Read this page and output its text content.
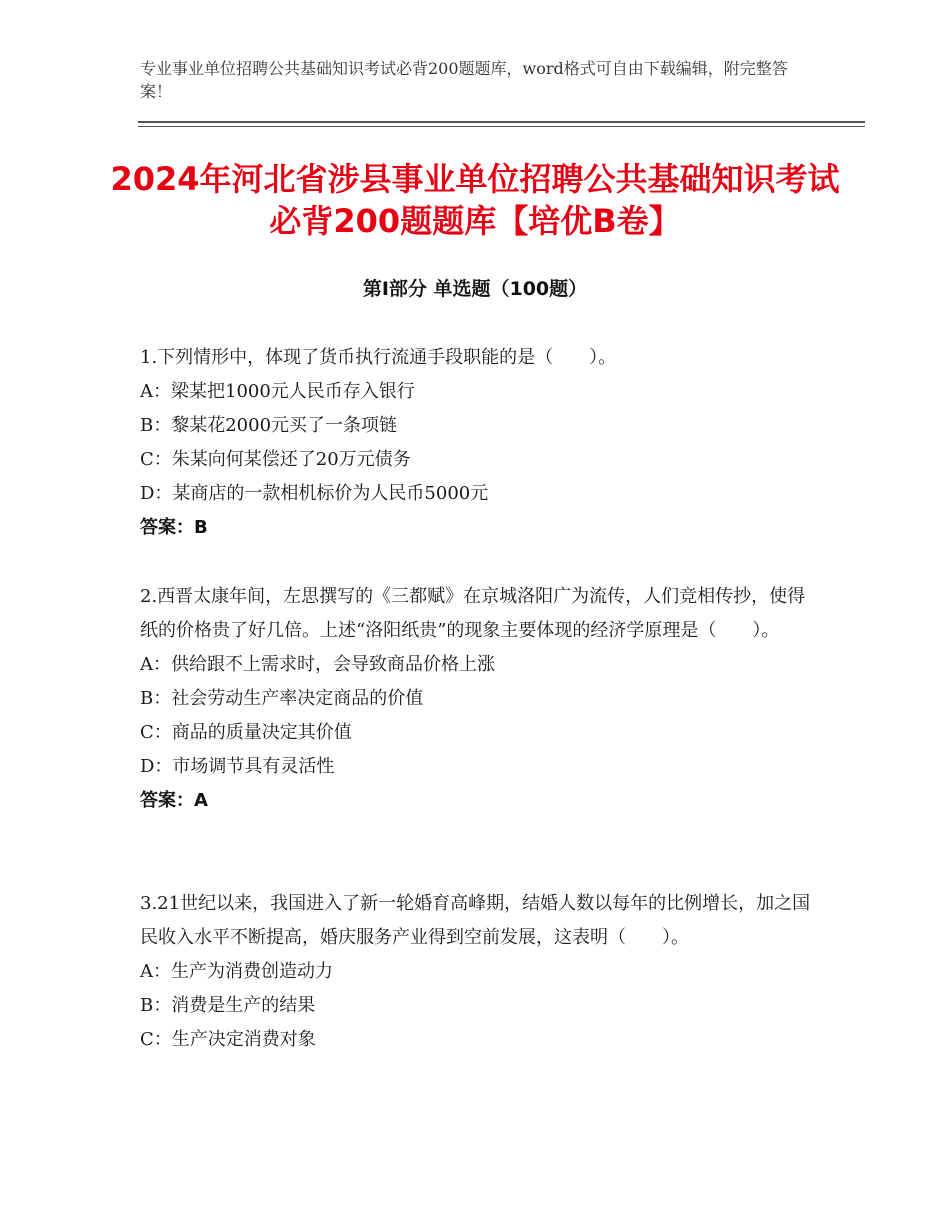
专业事业单位招聘公共基础知识考试必背200题题库，word格式可自由下载编辑，附完整答案！
2024年河北省涉县事业单位招聘公共基础知识考试必背200题题库【培优B卷】
第Ⅰ部分 单选题（100题）
1.下列情形中，体现了货币执行流通手段职能的是（　　）。
A：梁某把1000元人民币存入银行
B：黎某花2000元买了一条项链
C：朱某向何某偿还了20万元债务
D：某商店的一款相机标价为人民币5000元
答案：B
2.西晋太康年间，左思撰写的《三都赋》在京城洛阳广为流传，人们竞相传抄，使得纸的价格贵了好几倍。上述“洛阳纸贵”的现象主要体现的经济学原理是（　　）。
A：供给跟不上需求时，会导致商品价格上涨
B：社会劳动生产率决定商品的价值
C：商品的质量决定其价值
D：市场调节具有灵活性
答案：A
3.21世纪以来，我国进入了新一轮婚育高峰期，结婚人数以每年的比例增长，加之国民收入水平不断提高，婚庆服务产业得到空前发展，这表明（　　）。
A：生产为消费创造动力
B：消费是生产的结果
C：生产决定消费对象
